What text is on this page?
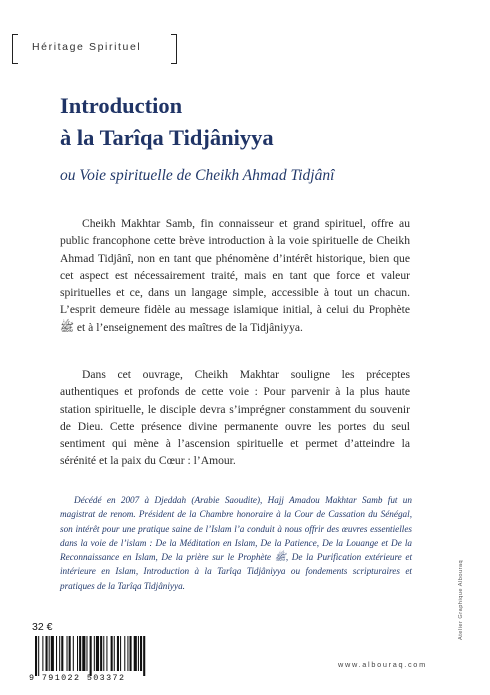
Héritage Spirituel
Introduction
à la Tarîqa Tidjâniyya
ou Voie spirituelle de Cheikh Ahmad Tidjânî

Cheikh Makhtar Samb, fin connaisseur et grand spirituel, offre au public francophone cette brève introduction à la voie spirituelle de Cheikh Ahmad Tidjânî, non en tant que phénomène d’intérêt historique, bien que cet aspect est nécessairement traité, mais en tant que force et valeur spirituelles et ce, dans un langage simple, accessible à tout un chacun. L’esprit demeure fidèle au message islamique initial, à celui du Prophète ﷺ et à l’enseignement des maîtres de la Tidjâniyya.

Dans cet ouvrage, Cheikh Makhtar souligne les préceptes authentiques et profonds de cette voie : Pour parvenir à la plus haute station spirituelle, le disciple devra s’imprégner constamment du souvenir de Dieu. Cette présence divine permanente ouvre les portes du seul sentiment qui mène à l’ascension spirituelle et permet d’atteindre la sérénité et la paix du Cœur : l’Amour.

Décédé en 2007 à Djeddah (Arabie Saoudite), Hajj Amadou Makhtar Samb fut un magistrat de renom. Président de la Chambre honoraire à la Cour de Cassation du Sénégal, son intérêt pour une pratique saine de l’Islam l’a conduit à nous offrir des œuvres essentielles dans la voie de l’islam : De la Méditation en Islam, De la Patience, De la Louange et De la Reconnaissance en Islam, De la prière sur le Prophète ﷺ, De la Purification extérieure et intérieure en Islam, Introduction à la Tarîqa Tidjâniyya ou fondements scripturaires et pratiques de la Tarîqa Tidjâniyya.

32 €
9 791022 503372
www.albouraq.com
Atelier Graphique Albouraq
